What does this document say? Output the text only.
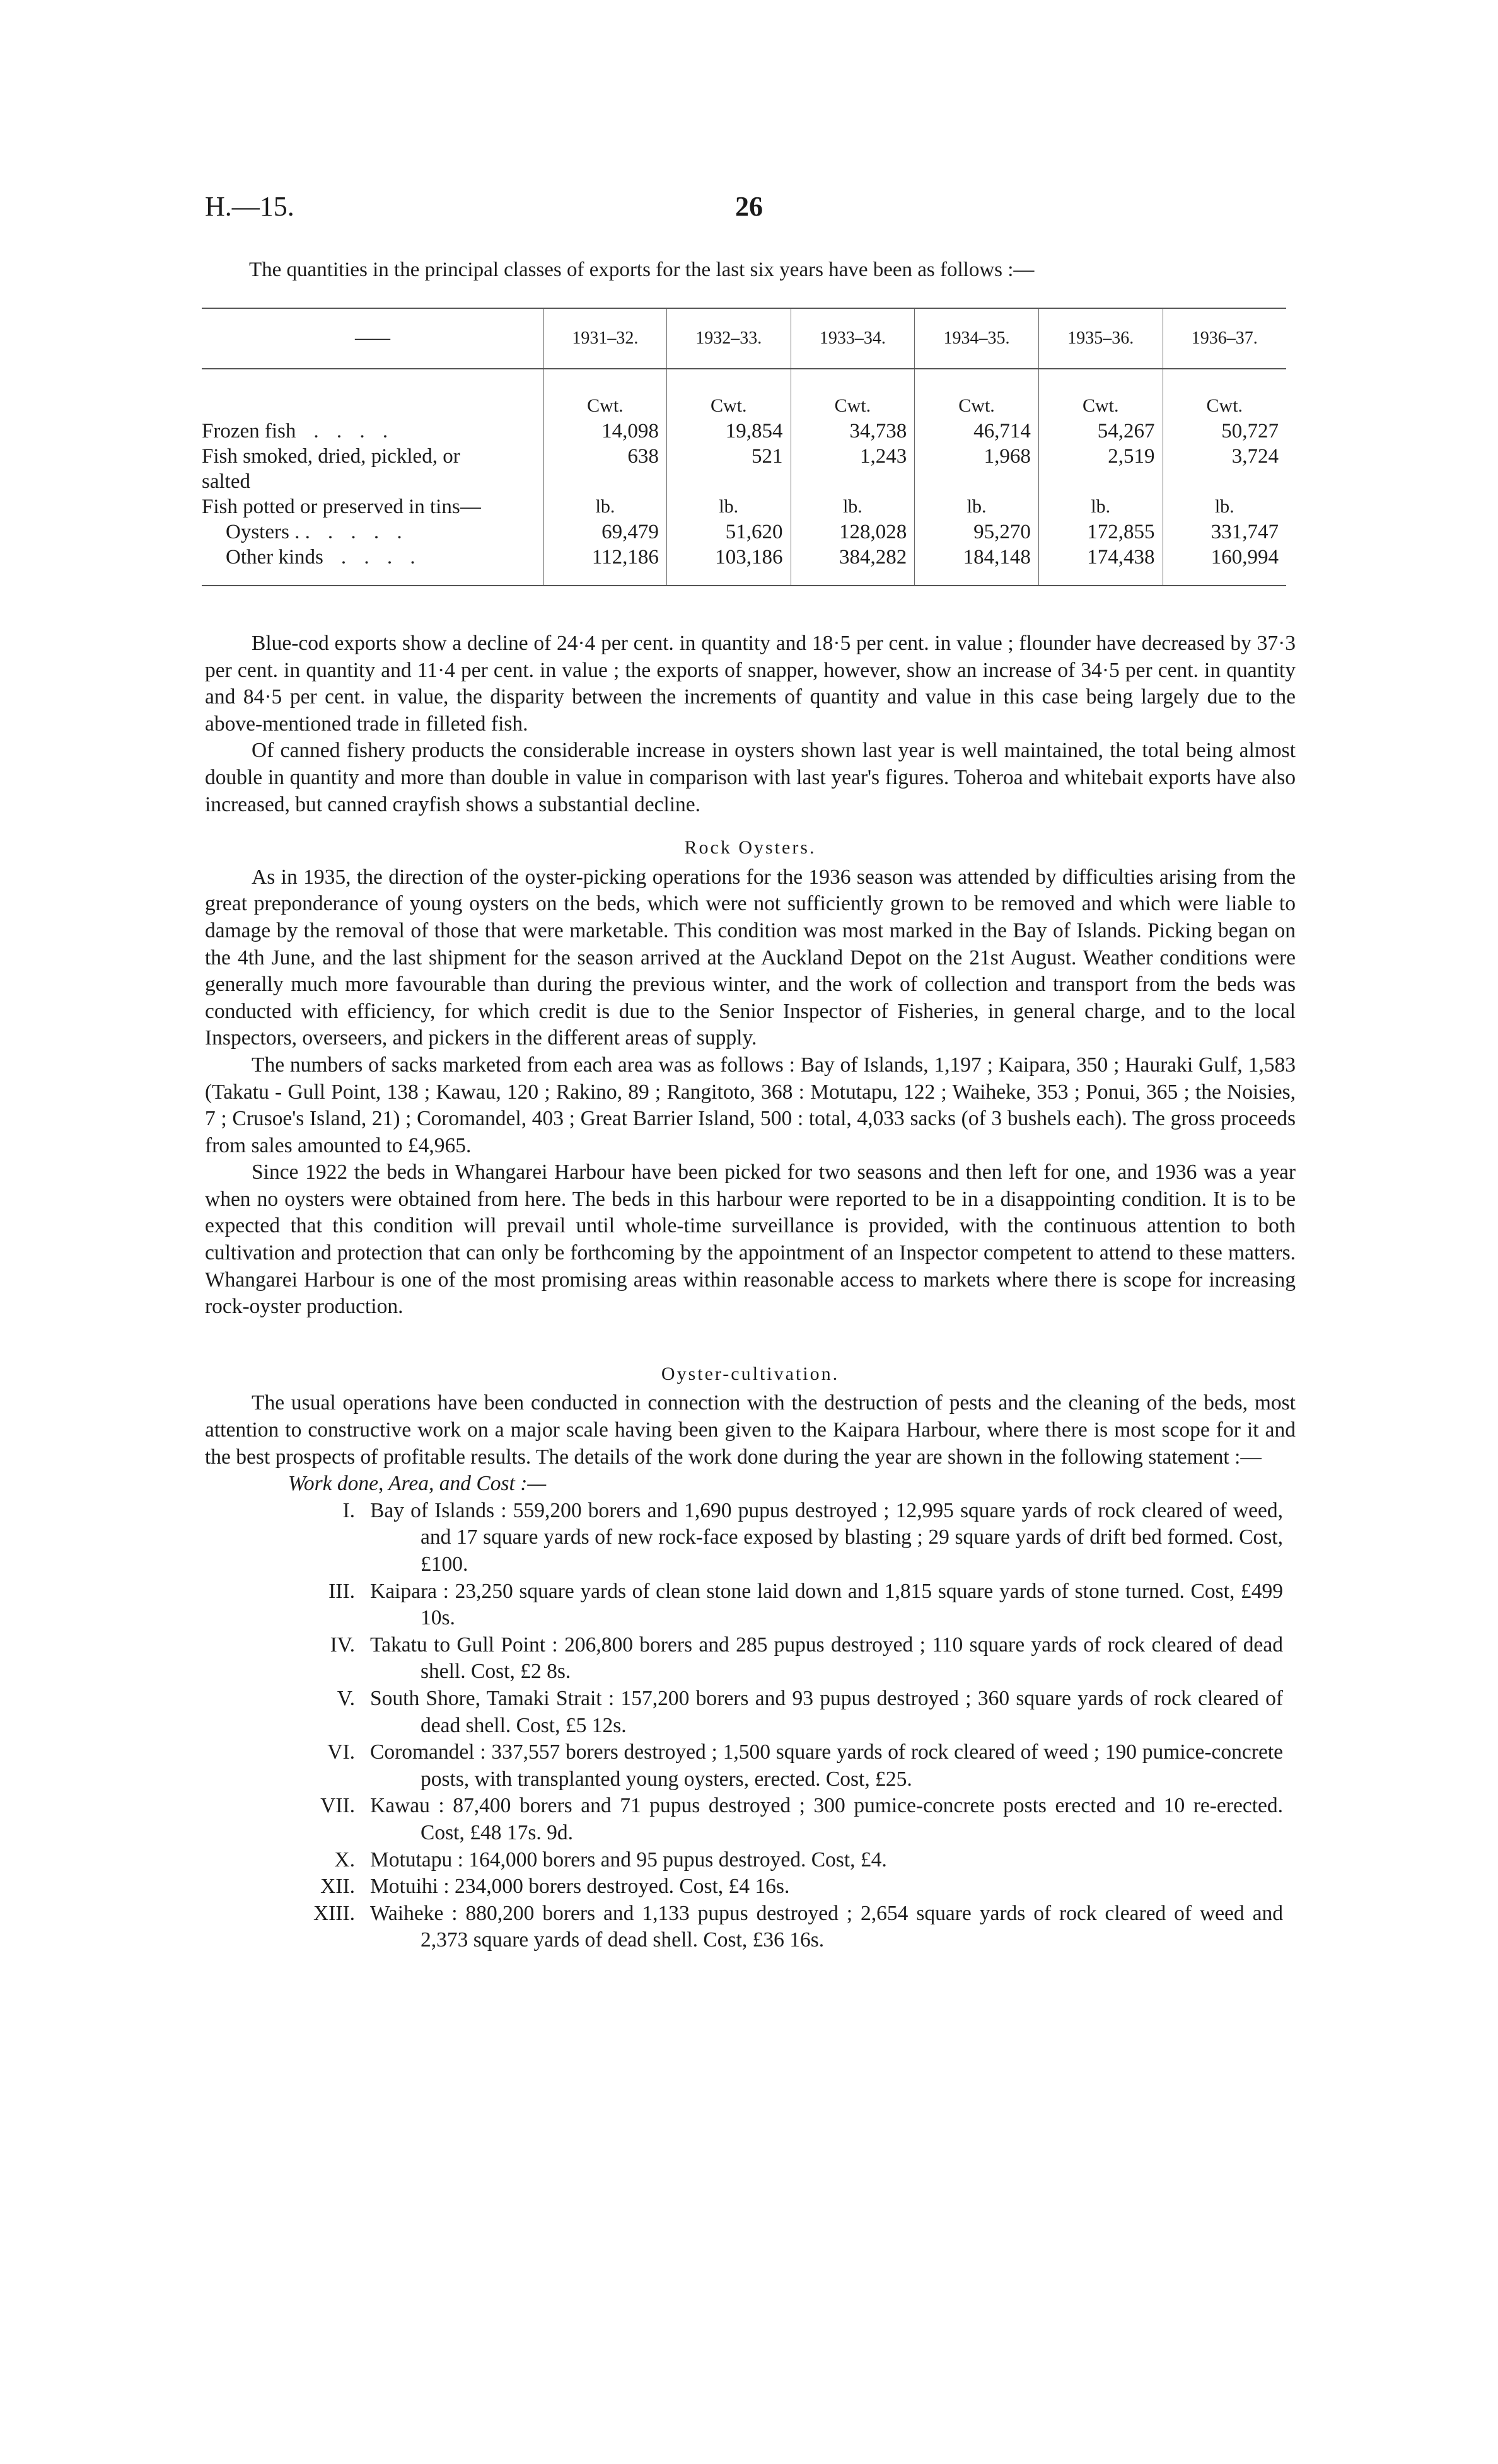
H.—15.	26
The quantities in the principal classes of exports for the last six years have been as follows :—
——	1931–32.	1932–33.	1933–34.	1934–35.	1935–36.	1936–37.
	Cwt.	Cwt.	Cwt.	Cwt.	Cwt.	Cwt.
Frozen fish . . . .	14,098	19,854	34,738	46,714	54,267	50,727
Fish smoked, dried, pickled, or	638	521	1,243	1,968	2,519	3,724
salted						
Fish potted or preserved in tins—	lb.	lb.	lb.	lb.	lb.	lb.
Oysters . . . . . .	69,479	51,620	128,028	95,270	172,855	331,747
Other kinds . . . .	112,186	103,186	384,282	184,148	174,438	160,994

Blue-cod exports show a decline of 24·4 per cent. in quantity and 18·5 per cent. in value ; flounder have decreased by 37·3 per cent. in quantity and 11·4 per cent. in value ; the exports of snapper, however, show an increase of 34·5 per cent. in quantity and 84·5 per cent. in value, the disparity between the increments of quantity and value in this case being largely due to the above-mentioned trade in filleted fish.

Of canned fishery products the considerable increase in oysters shown last year is well maintained, the total being almost double in quantity and more than double in value in comparison with last year's figures. Toheroa and whitebait exports have also increased, but canned crayfish shows a substantial decline.

Rock Oysters.

As in 1935, the direction of the oyster-picking operations for the 1936 season was attended by difficulties arising from the great preponderance of young oysters on the beds, which were not sufficiently grown to be removed and which were liable to damage by the removal of those that were marketable. This condition was most marked in the Bay of Islands. Picking began on the 4th June, and the last shipment for the season arrived at the Auckland Depot on the 21st August. Weather conditions were generally much more favourable than during the previous winter, and the work of collection and transport from the beds was conducted with efficiency, for which credit is due to the Senior Inspector of Fisheries, in general charge, and to the local Inspectors, overseers, and pickers in the different areas of supply.

The numbers of sacks marketed from each area was as follows : Bay of Islands, 1,197 ; Kaipara, 350 ; Hauraki Gulf, 1,583 (Takatu - Gull Point, 138 ; Kawau, 120 ; Rakino, 89 ; Rangitoto, 368 : Motutapu, 122 ; Waiheke, 353 ; Ponui, 365 ; the Noisies, 7 ; Crusoe's Island, 21) ; Coromandel, 403 ; Great Barrier Island, 500 : total, 4,033 sacks (of 3 bushels each). The gross proceeds from sales amounted to £4,965.

Since 1922 the beds in Whangarei Harbour have been picked for two seasons and then left for one, and 1936 was a year when no oysters were obtained from here. The beds in this harbour were reported to be in a disappointing condition. It is to be expected that this condition will prevail until whole-time surveillance is provided, with the continuous attention to both cultivation and protection that can only be forthcoming by the appointment of an Inspector competent to attend to these matters. Whangarei Harbour is one of the most promising areas within reasonable access to markets where there is scope for increasing rock-oyster production.

Oyster-cultivation.

The usual operations have been conducted in connection with the destruction of pests and the cleaning of the beds, most attention to constructive work on a major scale having been given to the Kaipara Harbour, where there is most scope for it and the best prospects of profitable results. The details of the work done during the year are shown in the following statement :—

Work done, Area, and Cost :—
I. Bay of Islands : 559,200 borers and 1,690 pupus destroyed ; 12,995 square yards of rock cleared of weed, and 17 square yards of new rock-face exposed by blasting ; 29 square yards of drift bed formed. Cost, £100.
III. Kaipara : 23,250 square yards of clean stone laid down and 1,815 square yards of stone turned. Cost, £499 10s.
IV. Takatu to Gull Point : 206,800 borers and 285 pupus destroyed ; 110 square yards of rock cleared of dead shell. Cost, £2 8s.
V. South Shore, Tamaki Strait : 157,200 borers and 93 pupus destroyed ; 360 square yards of rock cleared of dead shell. Cost, £5 12s.
VI. Coromandel : 337,557 borers destroyed ; 1,500 square yards of rock cleared of weed ; 190 pumice-concrete posts, with transplanted young oysters, erected. Cost, £25.
VII. Kawau : 87,400 borers and 71 pupus destroyed ; 300 pumice-concrete posts erected and 10 re-erected. Cost, £48 17s. 9d.
X. Motutapu : 164,000 borers and 95 pupus destroyed. Cost, £4.
XII. Motuihi : 234,000 borers destroyed. Cost, £4 16s.
XIII. Waiheke : 880,200 borers and 1,133 pupus destroyed ; 2,654 square yards of rock cleared of weed and 2,373 square yards of dead shell. Cost, £36 16s.
